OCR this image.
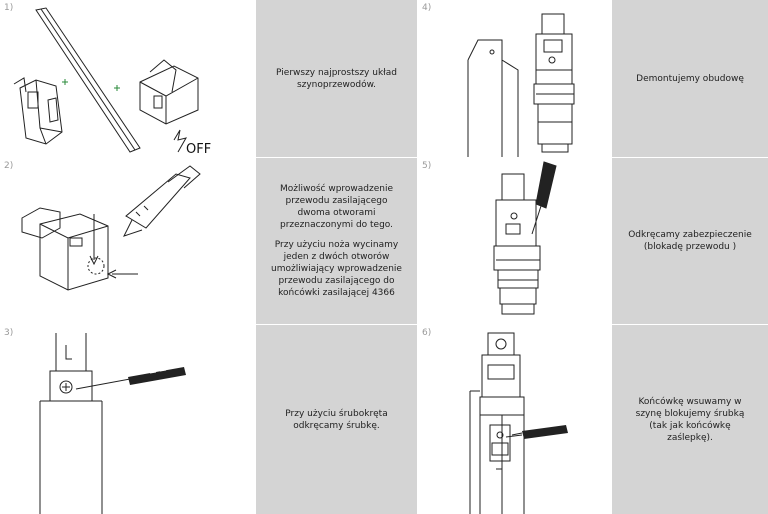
1)
OFF

Pierwszy najprostszy układ szynoprzewodów.

4)

Demontujemy obudowę

2)

Możliwość wprowadzenie przewodu zasilającego dwoma otworami przeznaczonymi do tego.

Przy użyciu noża wycinamy jeden z dwóch otworów umożliwiający wprowadzenie przewodu zasilającego do końcówki zasilającej 4366

5)

Odkręcamy zabezpieczenie (blokadę przewodu )

3)

Przy użyciu śrubokręta odkręcamy śrubkę.

6)

Końcówkę wsuwamy w szynę blokujemy śrubką (tak jak końcówkę zaślepkę).
